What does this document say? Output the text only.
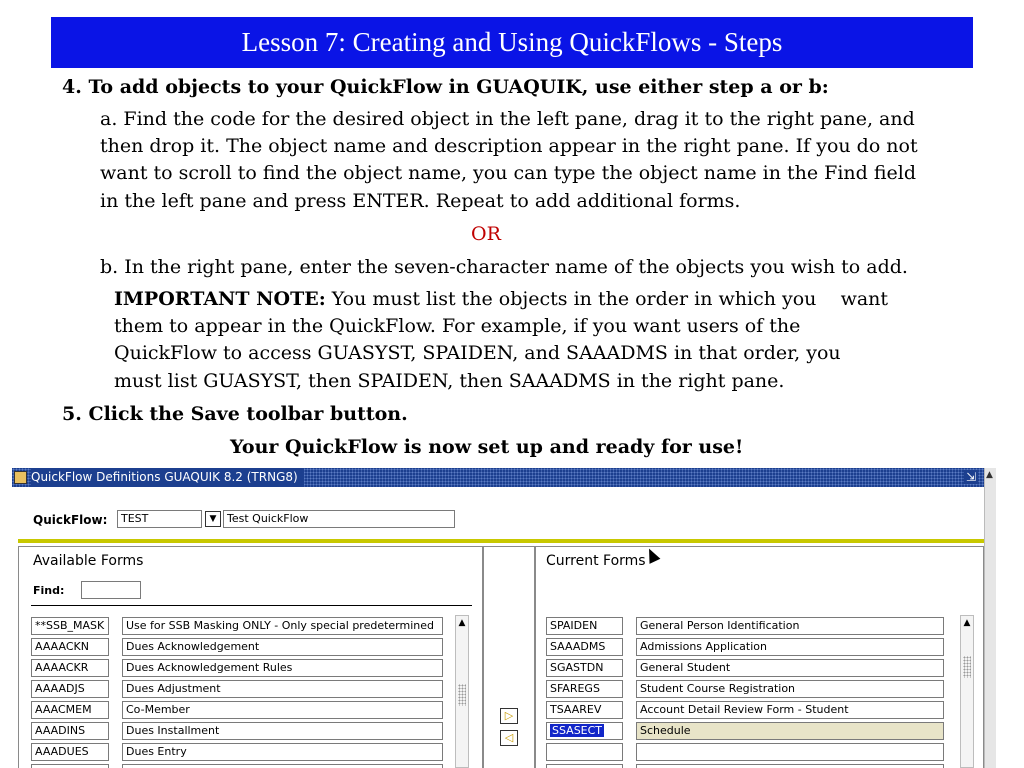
Lesson 7: Creating and Using QuickFlows - Steps
4. To add objects to your QuickFlow in GUAQUIK, use either step a or b:
a. Find the code for the desired object in the left pane, drag it to the right pane, and
then drop it. The object name and description appear in the right pane. If you do not
want to scroll to find the object name, you can type the object name in the Find field
in the left pane and press ENTER. Repeat to add additional forms.
OR
b. In the right pane, enter the seven-character name of the objects you wish to add.
IMPORTANT NOTE: You must list the objects in the order in which you    want
them to appear in the QuickFlow. For example, if you want users of the
QuickFlow to access GUASYST, SPAIDEN, and SAAADMS in that order, you
must list GUASYST, then SPAIDEN, then SAAADMS in the right pane.
5. Click the Save toolbar button.
Your QuickFlow is now set up and ready for use!
QuickFlow Definitions GUAQUIK 8.2 (TRNG8)	⇲ ▲
QuickFlow:	TEST	▼ Test QuickFlow
Available Forms
Find:
**SSB_MASK	Use for SSB Masking ONLY - Only special predetermined
AAAACKN	Dues Acknowledgement
AAAACKR	Dues Acknowledgement Rules
AAAADJS	Dues Adjustment
AAACMEM	Co-Member
AAADINS	Dues Installment
AAADUES	Dues Entry
▲
▷
◁
Current Forms
SPAIDEN	General Person Identification
SAAADMS	Admissions Application
SGASTDN	General Student
SFAREGS	Student Course Registration
TSAAREV	Account Detail Review Form - Student
SSASECT	Schedule
▲
